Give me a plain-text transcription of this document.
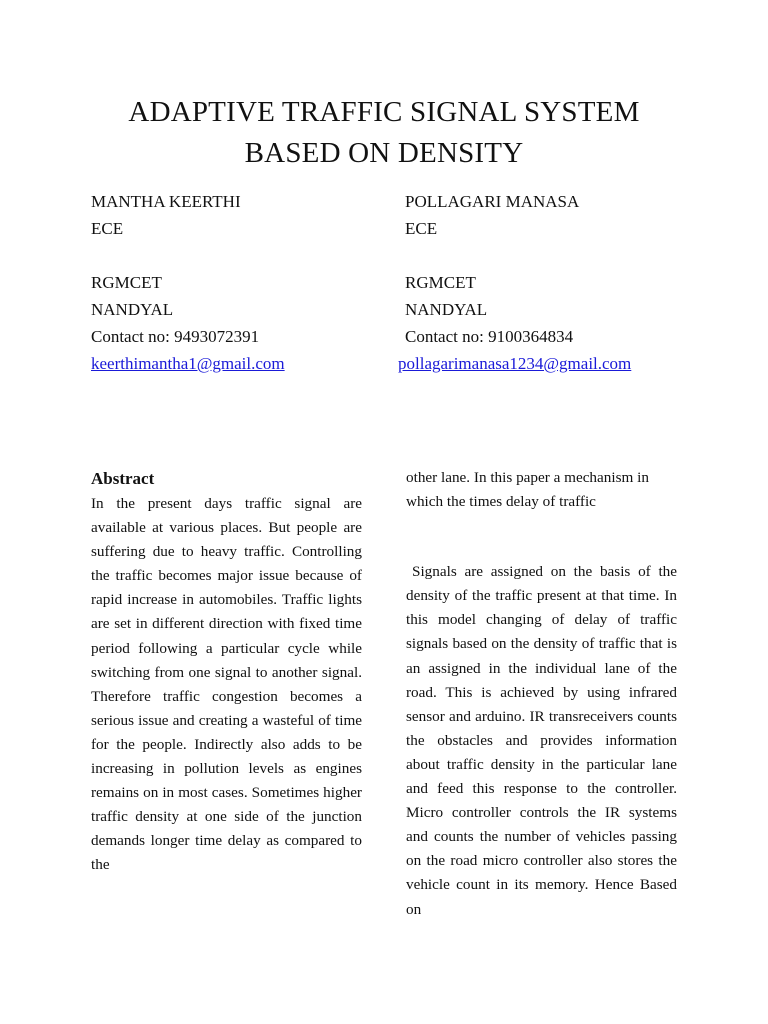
ADAPTIVE TRAFFIC SIGNAL SYSTEM
BASED ON DENSITY
MANTHA KEERTHI
ECE
RGMCET
NANDYAL
Contact no: 9493072391
keerthimantha1@gmail.com
POLLAGARI MANASA
ECE
RGMCET
NANDYAL
Contact no: 9100364834
pollagarimanasa1234@gmail.com
Abstract
In the present days traffic signal are available at various places. But people are suffering due to heavy traffic. Controlling the traffic becomes major issue because of rapid increase in automobiles. Traffic lights are set in different direction with fixed time period following a particular cycle while switching from one signal to another signal. Therefore traffic congestion becomes a serious issue and creating a wasteful of time for the people. Indirectly also adds to be increasing in pollution levels as engines remains on in most cases. Sometimes higher traffic density at one side of the junction demands longer time delay as compared to the
other lane. In this paper a mechanism in which the times delay of traffic
Signals are assigned on the basis of the density of the traffic present at that time. In this model changing of delay of traffic signals based on the density of traffic that is an assigned in the individual lane of the road. This is achieved by using infrared sensor and arduino. IR transreceivers counts the obstacles and provides information about traffic density in the particular lane and feed this response to the controller. Micro controller controls the IR systems and counts the number of vehicles passing on the road micro controller also stores the vehicle count in its memory. Hence Based on
